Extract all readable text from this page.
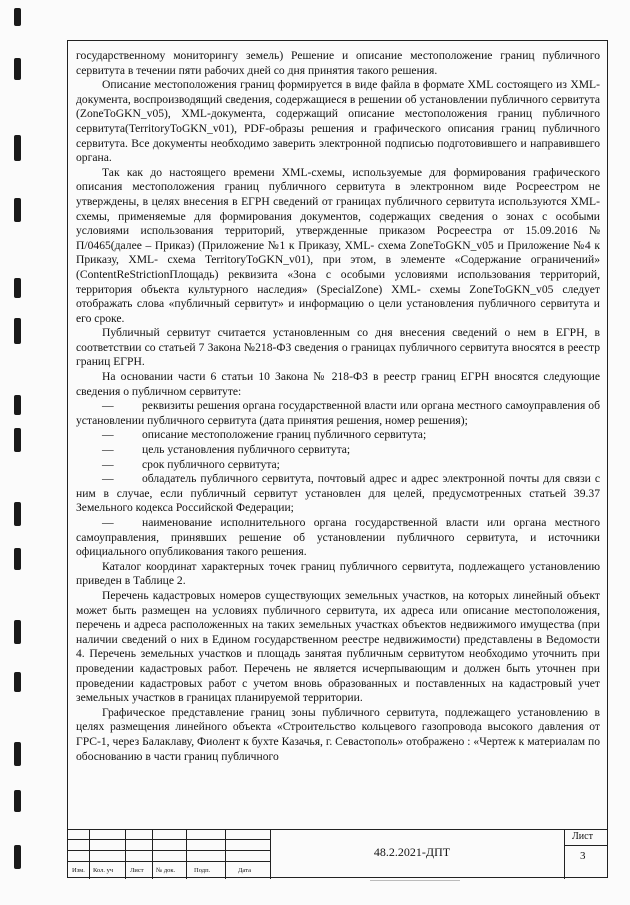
государственному мониторингу земель) Решение и описание местоположение границ публичного сервитута в течении пяти рабочих дней со дня принятия такого решения.

Описание местоположения границ формируется в виде файла в формате XML состоящего из XML-документа, воспроизводящий сведения, содержащиеся в решении об установлении публичного сервитута (ZoneToGKN_v05), XML-документа, содержащий описание местоположения границ публичного сервитута(TerritoryToGKN_v01), PDF-образы решения и графического описания границ публичного сервитута. Все документы необходимо заверить электронной подписью подготовившего и направившего органа.

Так как до настоящего времени XML-схемы, используемые для формирования графического описания местоположения границ публичного сервитута в электронном виде Росреестром не утверждены, в целях внесения в ЕГРН сведений от границах публичного сервитута используются XML-схемы, применяемые для формирования документов, содержащих сведения о зонах с особыми условиями использования территорий, утвержденные приказом Росреестра от 15.09.2016 № П/0465(далее – Приказ) (Приложение №1 к Приказу, XML- схема ZoneToGKN_v05 и Приложение №4 к Приказу, XML- схема TerritoryToGKN_v01), при этом, в элементе «Содержание ограничений» (ContentReStrictionПлощадь) реквизита «Зона с особыми условиями использования территорий, территория объекта культурного наследия» (SpecialZone) XML- схемы ZoneToGKN_v05 следует отображать слова «публичный сервитут» и информацию о цели установления публичного сервитута и его сроке.

Публичный сервитут считается установленным со дня внесения сведений о нем в ЕГРН, в соответствии со статьей 7 Закона №218-ФЗ сведения о границах публичного сервитута вносятся в реестр границ ЕГРН.

На основании части 6 статьи 10 Закона № 218-ФЗ в реестр границ ЕГРН вносятся следующие сведения о публичном сервитуте:

— реквизиты решения органа государственной власти или органа местного самоуправления об установлении публичного сервитута (дата принятия решения, номер решения);

— описание местоположение границ публичного сервитута;

— цель установления публичного сервитута;

— срок публичного сервитута;

— обладатель публичного сервитута, почтовый адрес и адрес электронной почты для связи с ним в случае, если публичный сервитут установлен для целей, предусмотренных статьей 39.37 Земельного кодекса Российской Федерации;

— наименование исполнительного органа государственной власти или органа местного самоуправления, принявших решение об установлении публичного сервитута, и источники официального опубликования такого решения.

Каталог координат характерных точек границ публичного сервитута, подлежащего установлению приведен в Таблице 2.

Перечень кадастровых номеров существующих земельных участков, на которых линейный объект может быть размещен на условиях публичного сервитута, их адреса или описание местоположения, перечень и адреса расположенных на таких земельных участках объектов недвижимого имущества (при наличии сведений о них в Едином государственном реестре недвижимости) представлены в Ведомости 4. Перечень земельных участков и площадь занятая публичным сервитутом необходимо уточнить при проведении кадастровых работ. Перечень не является исчерпывающим и должен быть уточнен при проведении кадастровых работ с учетом вновь образованных и поставленных на кадастровый учет земельных участков в границах планируемой территории.

Графическое представление границ зоны публичного сервитута, подлежащего установлению в целях размещения линейного объекта «Строительство кольцевого газопровода высокого давления от ГРС-1, через Балаклаву, Фиолент к бухте Казачья, г. Севастополь» отображено : «Чертеж к материалам по обоснованию в части границ публичного

Изм. Кол. уч	Лист № док.	Подп.	Дата
48.2.2021-ДПТ
Лист
3
